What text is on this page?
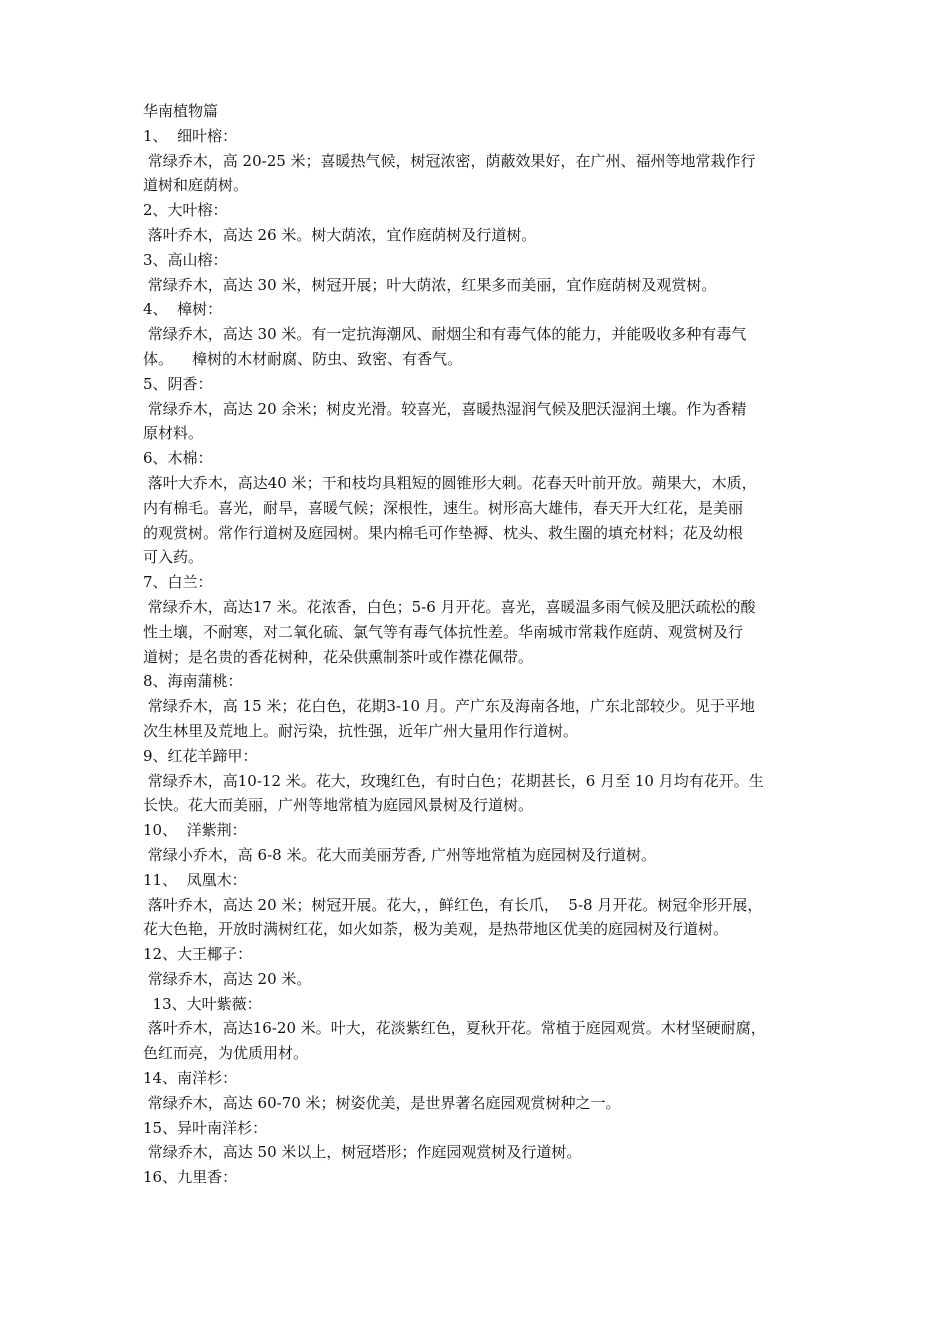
华南植物篇
1、  细叶榕：
常绿乔木，高 20-25 米；喜暖热气候，树冠浓密，荫蔽效果好，在广州、福州等地常栽作行
道树和庭荫树。
2、大叶榕：
落叶乔木，高达 26 米。树大荫浓，宜作庭荫树及行道树。
3、高山榕：
常绿乔木，高达 30 米，树冠开展；叶大荫浓，红果多而美丽，宜作庭荫树及观赏树。
4、  樟树：
常绿乔木，高达 30 米。有一定抗海潮风、耐烟尘和有毒气体的能力，并能吸收多种有毒气
体。    樟树的木材耐腐、防虫、致密、有香气。
5、阴香：
常绿乔木，高达 20 余米；树皮光滑。较喜光，喜暖热湿润气候及肥沃湿润土壤。作为香精
原材料。
6、木棉：
落叶大乔木，高达40 米；干和枝均具粗短的圆锥形大刺。花春天叶前开放。蒴果大，木质，
内有棉毛。喜光，耐旱，喜暖气候；深根性，速生。树形高大雄伟，春天开大红花，是美丽
的观赏树。常作行道树及庭园树。果内棉毛可作垫褥、枕头、救生圈的填充材料；花及幼根
可入药。
7、白兰：
常绿乔木，高达17 米。花浓香，白色；5-6 月开花。喜光，喜暖温多雨气候及肥沃疏松的酸
性土壤，不耐寒，对二氧化硫、氯气等有毒气体抗性差。华南城市常栽作庭荫、观赏树及行
道树；是名贵的香花树种，花朵供熏制茶叶或作襟花佩带。
8、海南蒲桃：
常绿乔木，高 15 米；花白色，花期3-10 月。产广东及海南各地，广东北部较少。见于平地
次生林里及荒地上。耐污染，抗性强，近年广州大量用作行道树。
9、红花羊蹄甲：
常绿乔木，高10-12 米。花大，玫瑰红色，有时白色；花期甚长，6 月至 10 月均有花开。生
长快。花大而美丽，广州等地常植为庭园风景树及行道树。
10、  洋紫荆：
常绿小乔木，高 6-8 米。花大而美丽芳香, 广州等地常植为庭园树及行道树。
11、  凤凰木：
落叶乔木，高达 20 米；树冠开展。花大，，鲜红色，有长爪，  5-8 月开花。树冠伞形开展，
花大色艳，开放时满树红花，如火如荼，极为美观，是热带地区优美的庭园树及行道树。
12、大王椰子：
常绿乔木，高达 20 米。
13、大叶紫薇：
落叶乔木，高达16-20 米。叶大，花淡紫红色，夏秋开花。常植于庭园观赏。木材坚硬耐腐，
色红而亮，为优质用材。
14、南洋杉：
常绿乔木，高达 60-70 米；树姿优美，是世界著名庭园观赏树种之一。
15、异叶南洋杉：
常绿乔木，高达 50 米以上，树冠塔形；作庭园观赏树及行道树。
16、九里香：
